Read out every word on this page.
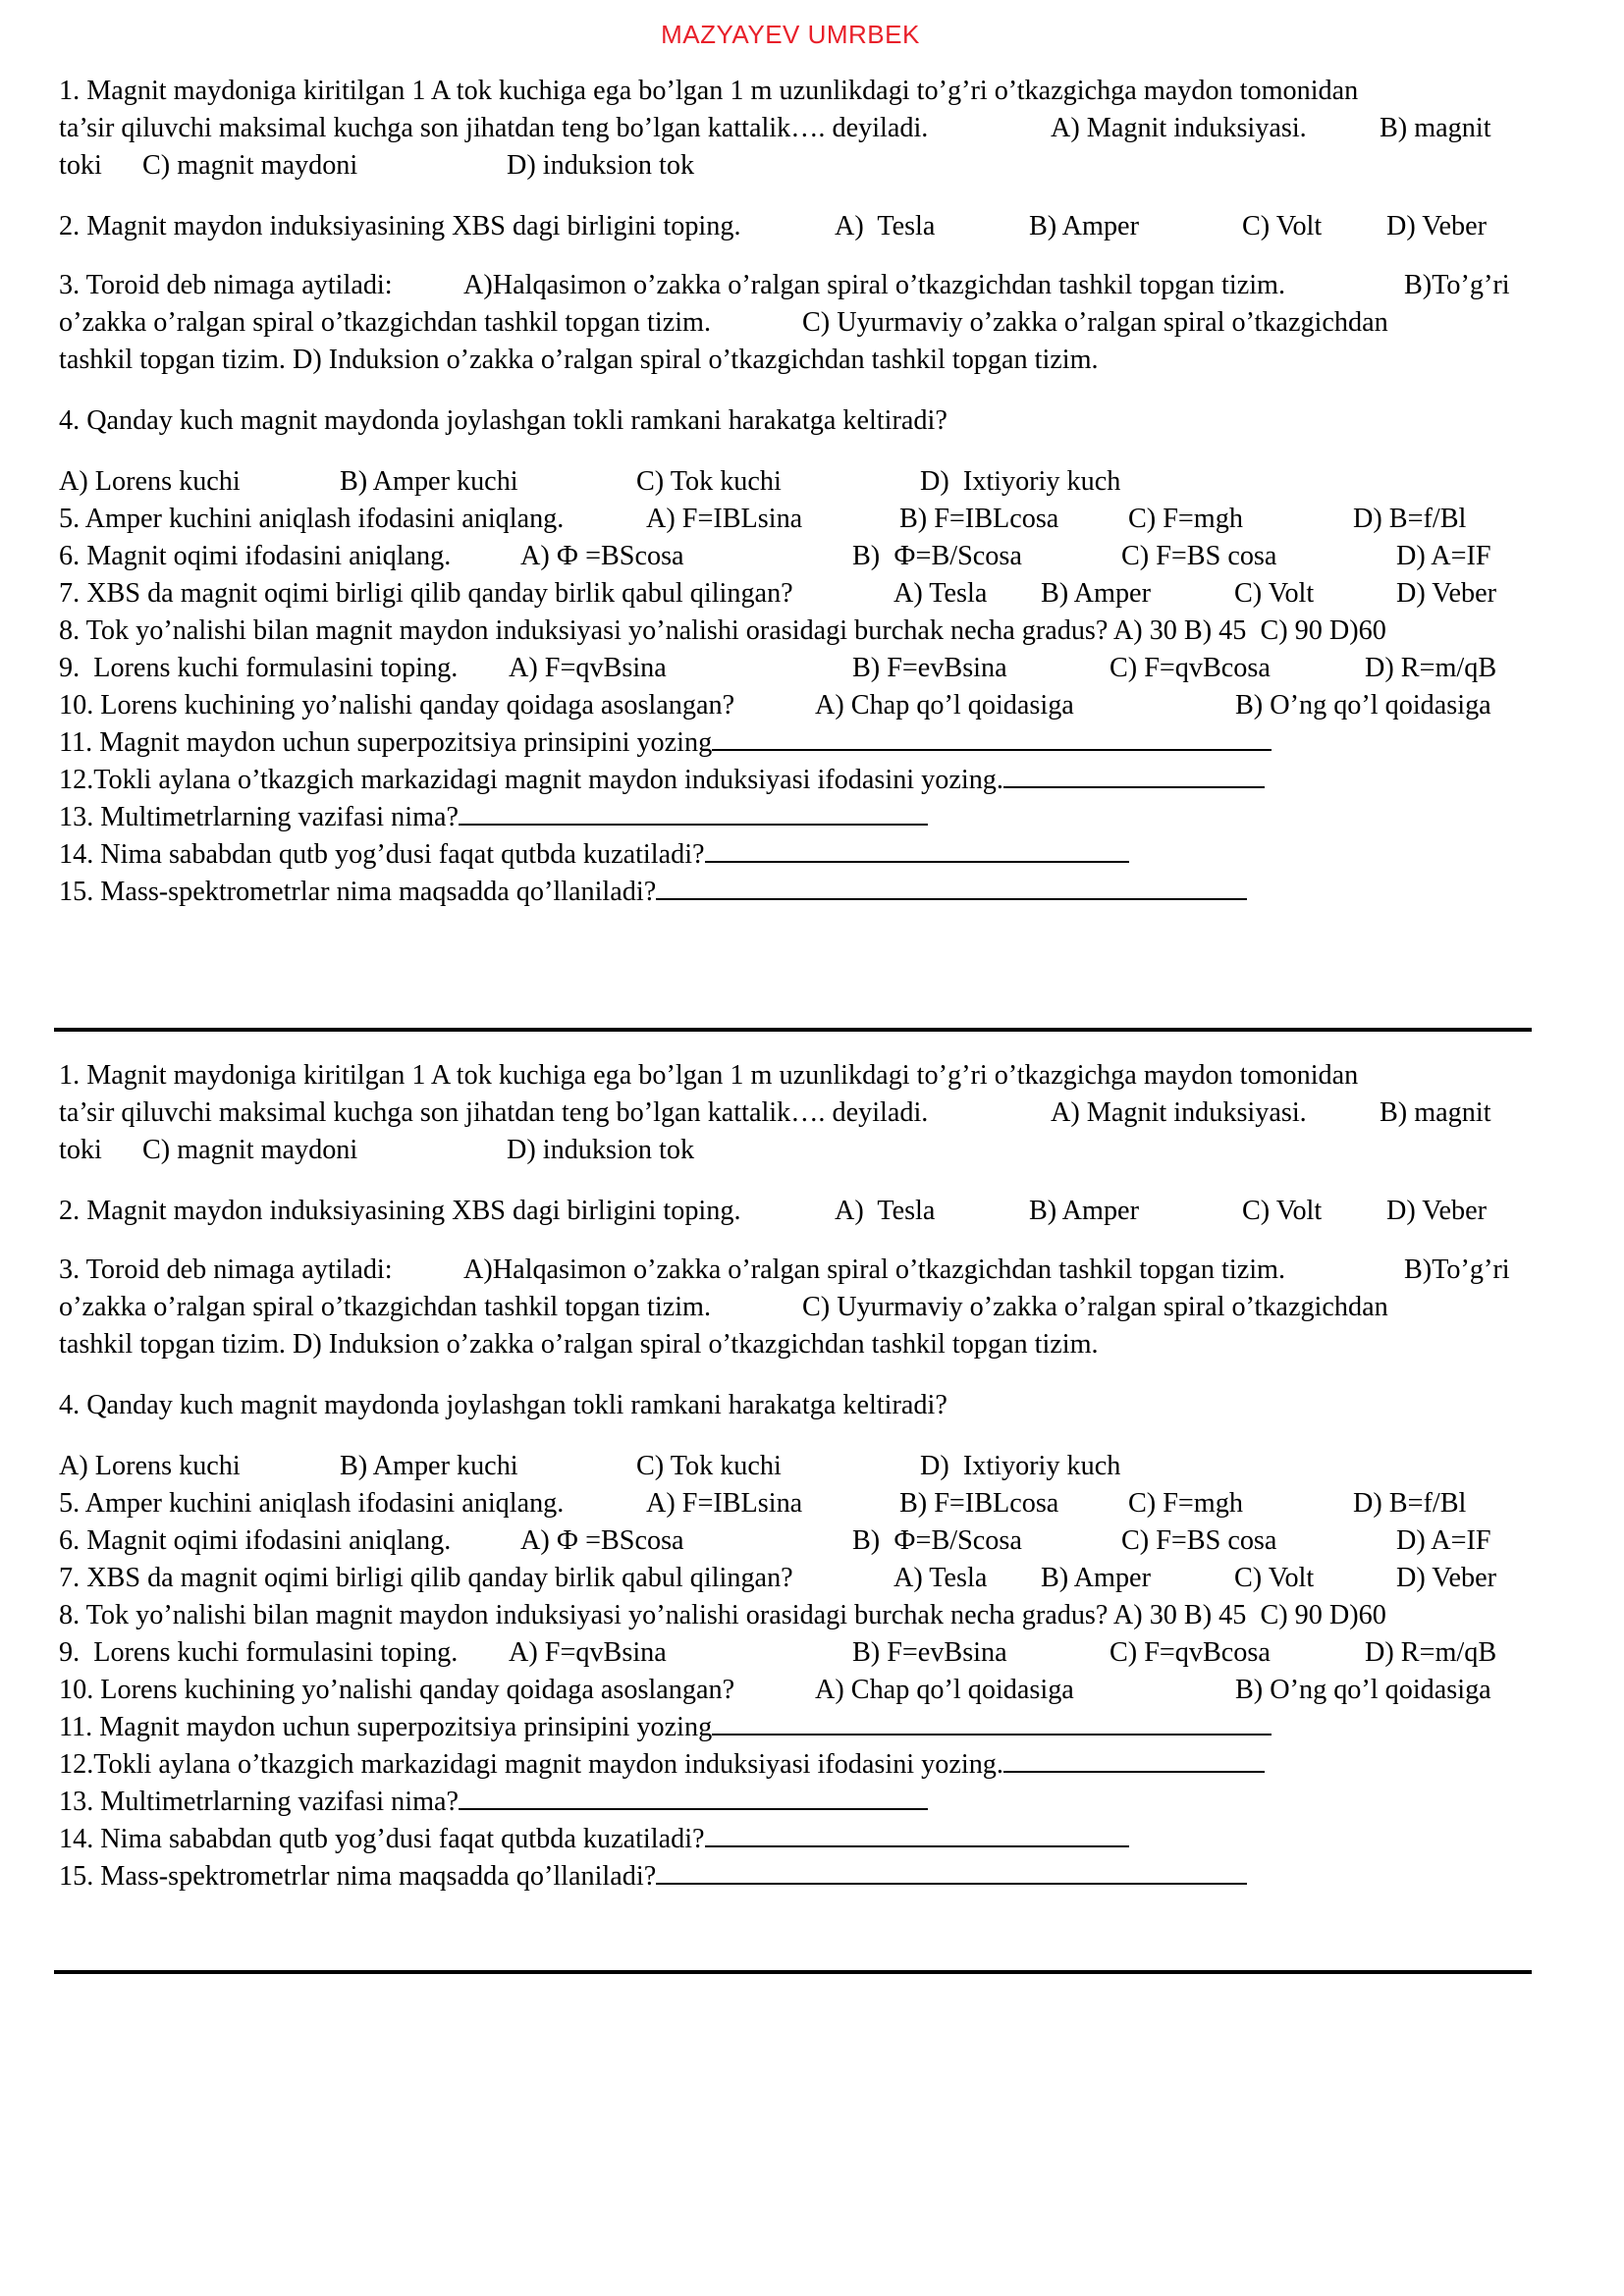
MAZYAYEV UMRBEK
1. Magnit maydoniga kiritilgan 1 A tok kuchiga ega bo’lgan 1 m uzunlikdagi to’g’ri o’tkazgichga maydon tomonidan
ta’sir qiluvchi maksimal kuchga son jihatdan teng bo’lgan kattalik…. deyiladi.	A) Magnit induksiyasi.	B) magnit
toki C) magnit maydoni	D) induksion tok
2. Magnit maydon induksiyasining XBS dagi birligini toping.	A)  Tesla	B) Amper	C) Volt D) Veber
3. Toroid deb nimaga aytiladi:	A)Halqasimon o’zakka o’ralgan spiral o’tkazgichdan tashkil topgan tizim.	B)To’g’ri
o’zakka o’ralgan spiral o’tkazgichdan tashkil topgan tizim.	C) Uyurmaviy o’zakka o’ralgan spiral o’tkazgichdan
tashkil topgan tizim. D) Induksion o’zakka o’ralgan spiral o’tkazgichdan tashkil topgan tizim.
4. Qanday kuch magnit maydonda joylashgan tokli ramkani harakatga keltiradi?
A) Lorens kuchi	B) Amper kuchi	C) Tok kuchi	D)  Ixtiyoriy kuch
5. Amper kuchini aniqlash ifodasini aniqlang.	A) F=IBLsina	B) F=IBLcosa	C) F=mgh	D) B=f/Bl
6. Magnit oqimi ifodasini aniqlang.	A) Ф =BScosa	B)  Ф=B/Scosa	C) F=BS cosa	D) A=IF
7. XBS da magnit oqimi birligi qilib qanday birlik qabul qilingan?	A) Tesla B) Amper	C) Volt	D) Veber
8. Tok yo’nalishi bilan magnit maydon induksiyasi yo’nalishi orasidagi burchak necha gradus? A) 30 B) 45  C) 90 D)60
9.  Lorens kuchi formulasini toping. A) F=qvBsina	B) F=evBsina	C) F=qvBcosa	D) R=m/qB
10. Lorens kuchining yo’nalishi qanday qoidaga asoslangan?	A) Chap qo’l qoidasiga	B) O’ng qo’l qoidasiga
11. Magnit maydon uchun superpozitsiya prinsipini yozing
12.Tokli aylana o’tkazgich markazidagi magnit maydon induksiyasi ifodasini yozing.
13. Multimetrlarning vazifasi nima?
14. Nima sababdan qutb yog’dusi faqat qutbda kuzatiladi?
15. Mass-spektrometrlar nima maqsadda qo’llaniladi?
1. Magnit maydoniga kiritilgan 1 A tok kuchiga ega bo’lgan 1 m uzunlikdagi to’g’ri o’tkazgichga maydon tomonidan
ta’sir qiluvchi maksimal kuchga son jihatdan teng bo’lgan kattalik…. deyiladi.	A) Magnit induksiyasi.	B) magnit
toki C) magnit maydoni	D) induksion tok
2. Magnit maydon induksiyasining XBS dagi birligini toping.	A)  Tesla	B) Amper	C) Volt D) Veber
3. Toroid deb nimaga aytiladi:	A)Halqasimon o’zakka o’ralgan spiral o’tkazgichdan tashkil topgan tizim.	B)To’g’ri
o’zakka o’ralgan spiral o’tkazgichdan tashkil topgan tizim.	C) Uyurmaviy o’zakka o’ralgan spiral o’tkazgichdan
tashkil topgan tizim. D) Induksion o’zakka o’ralgan spiral o’tkazgichdan tashkil topgan tizim.
4. Qanday kuch magnit maydonda joylashgan tokli ramkani harakatga keltiradi?
A) Lorens kuchi	B) Amper kuchi	C) Tok kuchi	D)  Ixtiyoriy kuch
5. Amper kuchini aniqlash ifodasini aniqlang.	A) F=IBLsina	B) F=IBLcosa	C) F=mgh	D) B=f/Bl
6. Magnit oqimi ifodasini aniqlang.	A) Ф =BScosa	B)  Ф=B/Scosa	C) F=BS cosa	D) A=IF
7. XBS da magnit oqimi birligi qilib qanday birlik qabul qilingan?	A) Tesla B) Amper	C) Volt	D) Veber
8. Tok yo’nalishi bilan magnit maydon induksiyasi yo’nalishi orasidagi burchak necha gradus? A) 30 B) 45  C) 90 D)60
9.  Lorens kuchi formulasini toping. A) F=qvBsina	B) F=evBsina	C) F=qvBcosa	D) R=m/qB
10. Lorens kuchining yo’nalishi qanday qoidaga asoslangan?	A) Chap qo’l qoidasiga	B) O’ng qo’l qoidasiga
11. Magnit maydon uchun superpozitsiya prinsipini yozing
12.Tokli aylana o’tkazgich markazidagi magnit maydon induksiyasi ifodasini yozing.
13. Multimetrlarning vazifasi nima?
14. Nima sababdan qutb yog’dusi faqat qutbda kuzatiladi?
15. Mass-spektrometrlar nima maqsadda qo’llaniladi?
